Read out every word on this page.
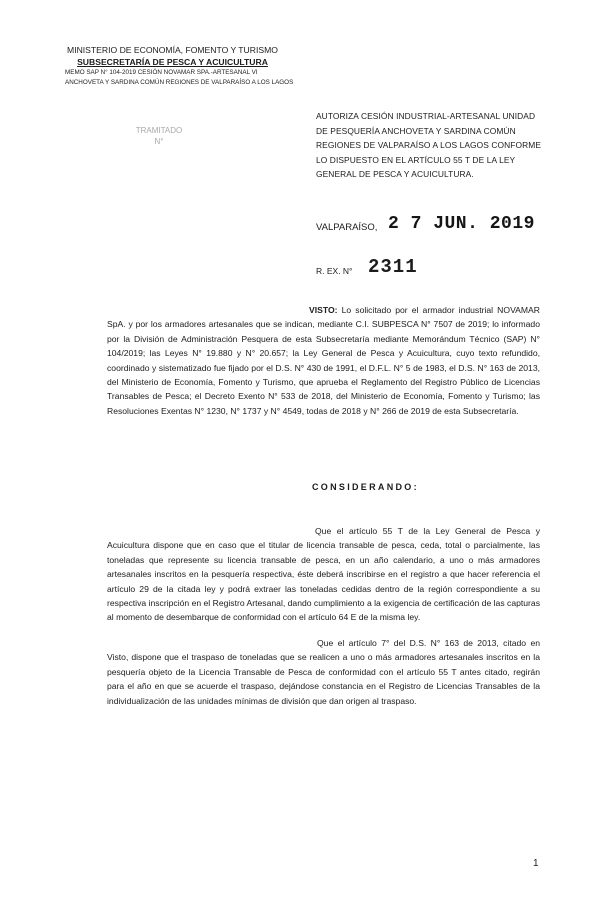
MINISTERIO DE ECONOMÍA, FOMENTO Y TURISMO
SUBSECRETARÍA DE PESCA Y ACUICULTURA
MEMO SAP N° 104-2019 CESIÓN NOVAMAR SPA.-ARTESANAL VI
ANCHOVETA Y SARDINA COMÚN REGIONES DE VALPARAÍSO A LOS LAGOS
TRAMITADO
N°
AUTORIZA CESIÓN INDUSTRIAL-ARTESANAL UNIDAD DE PESQUERÍA ANCHOVETA Y SARDINA COMÚN REGIONES DE VALPARAÍSO A LOS LAGOS CONFORME LO DISPUESTO EN EL ARTÍCULO 55 T DE LA LEY GENERAL DE PESCA Y ACUICULTURA.
VALPARAÍSO, 2 7 JUN. 2019
R. EX. N° 2311
VISTO: Lo solicitado por el armador industrial NOVAMAR SpA. y por los armadores artesanales que se indican, mediante C.I. SUBPESCA N° 7507 de 2019; lo informado por la División de Administración Pesquera de esta Subsecretaría mediante Memorándum Técnico (SAP) N° 104/2019; las Leyes N° 19.880 y N° 20.657; la Ley General de Pesca y Acuicultura, cuyo texto refundido, coordinado y sistematizado fue fijado por el D.S. N° 430 de 1991, el D.F.L. N° 5 de 1983, el D.S. N° 163 de 2013, del Ministerio de Economía, Fomento y Turismo, que aprueba el Reglamento del Registro Público de Licencias Transables de Pesca; el Decreto Exento N° 533 de 2018, del Ministerio de Economía, Fomento y Turismo; las Resoluciones Exentas N° 1230, N° 1737 y N° 4549, todas de 2018 y N° 266 de 2019 de esta Subsecretaría.
CONSIDERANDO:
Que el artículo 55 T de la Ley General de Pesca y Acuicultura dispone que en caso que el titular de licencia transable de pesca, ceda, total o parcialmente, las toneladas que represente su licencia transable de pesca, en un año calendario, a uno o más armadores artesanales inscritos en la pesquería respectiva, éste deberá inscribirse en el registro a que hacer referencia el artículo 29 de la citada ley y podrá extraer las toneladas cedidas dentro de la región correspondiente a su respectiva inscripción en el Registro Artesanal, dando cumplimiento a la exigencia de certificación de las capturas al momento de desembarque de conformidad con el artículo 64 E de la misma ley.
Que el artículo 7° del D.S. N° 163 de 2013, citado en Visto, dispone que el traspaso de toneladas que se realicen a uno o más armadores artesanales inscritos en la pesquería objeto de la Licencia Transable de Pesca de conformidad con el artículo 55 T antes citado, regirán para el año en que se acuerde el traspaso, dejándose constancia en el Registro de Licencias Transables de la individualización de las unidades mínimas de división que dan origen al traspaso.
1
